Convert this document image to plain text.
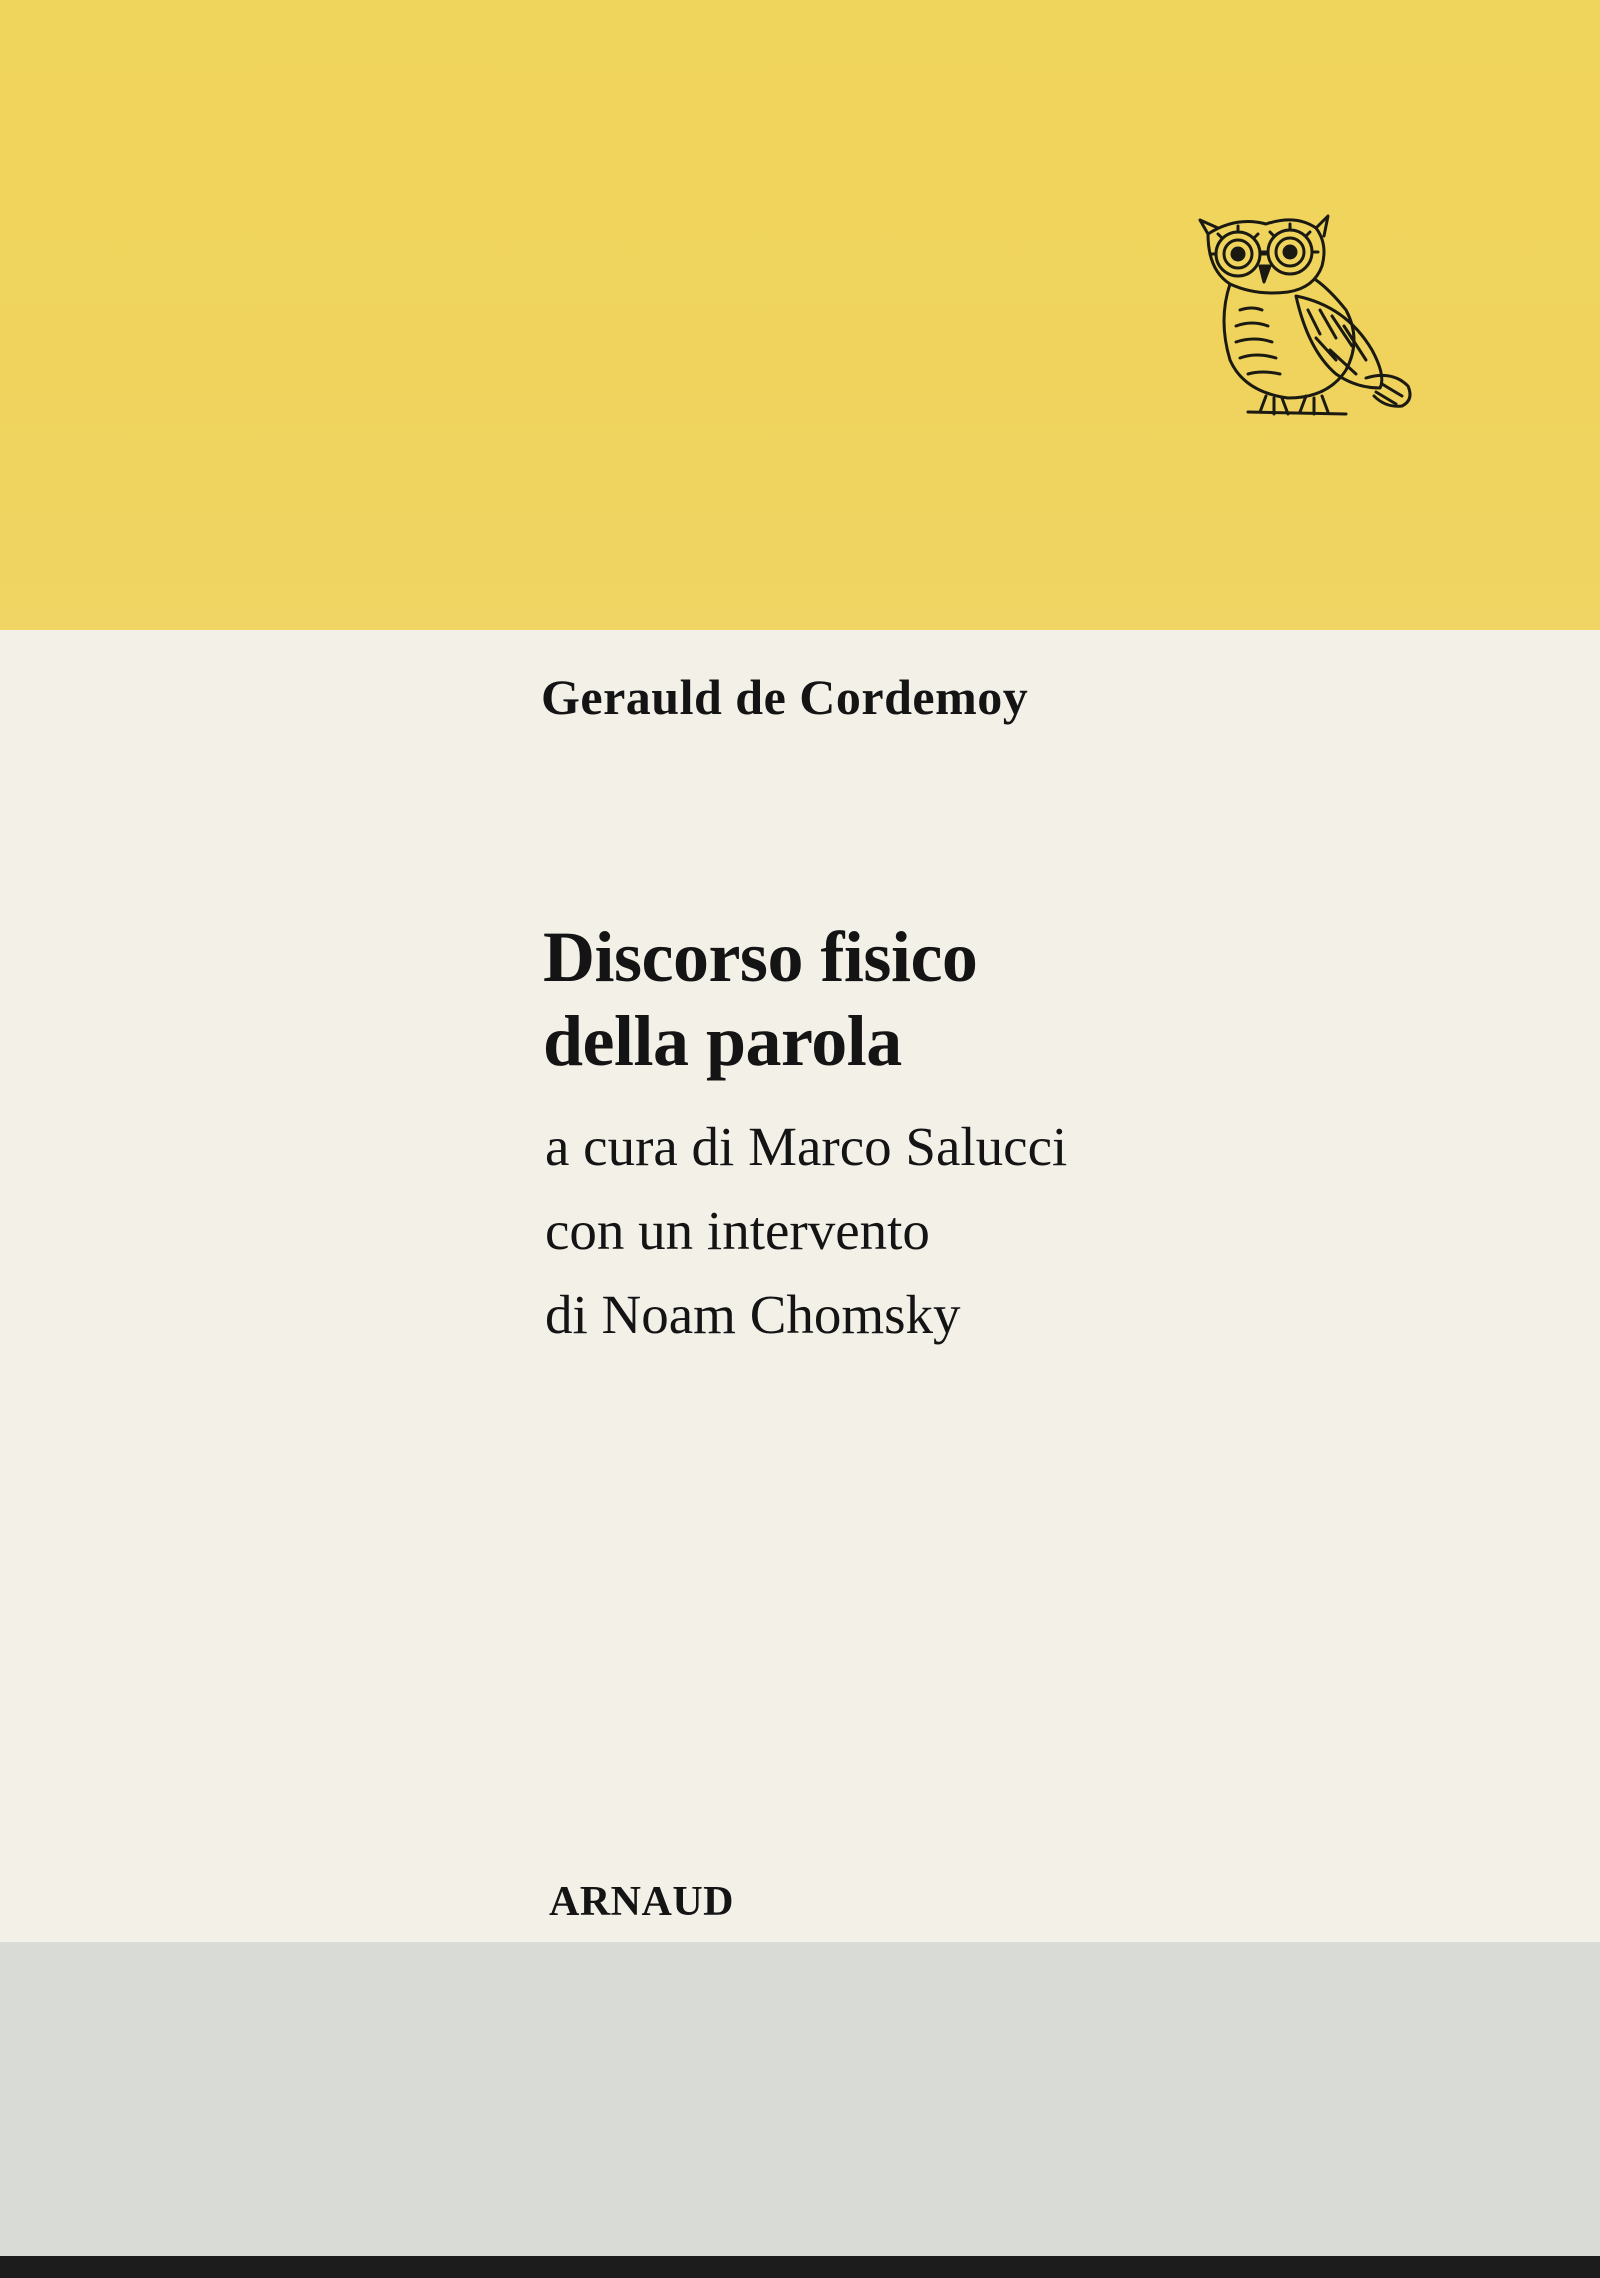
Gerauld de Cordemoy
Discorso fisico
della parola
a cura di Marco Salucci
con un intervento
di Noam Chomsky
ARNAUD
